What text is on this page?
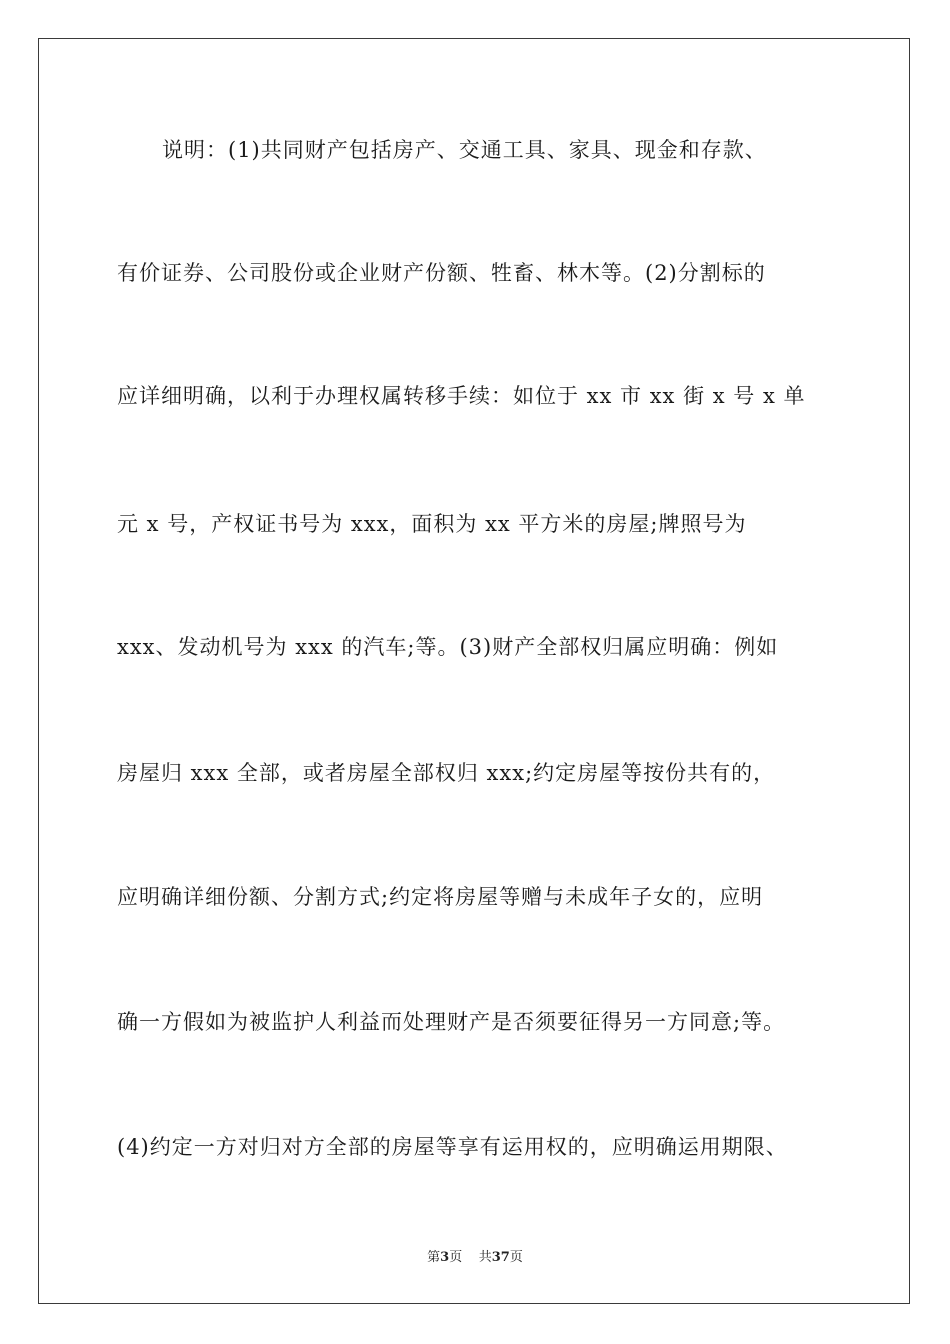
说明：(1)共同财产包括房产、交通工具、家具、现金和存款、
有价证券、公司股份或企业财产份额、牲畜、林木等。(2)分割标的
应详细明确，以利于办理权属转移手续：如位于 xx 市 xx 街 x 号 x 单
元 x 号，产权证书号为 xxx，面积为 xx 平方米的房屋;牌照号为
xxx、发动机号为 xxx 的汽车;等。(3)财产全部权归属应明确：例如
房屋归 xxx 全部，或者房屋全部权归 xxx;约定房屋等按份共有的，
应明确详细份额、分割方式;约定将房屋等赠与未成年子女的，应明
确一方假如为被监护人利益而处理财产是否须要征得另一方同意;等。
(4)约定一方对归对方全部的房屋等享有运用权的，应明确运用期限、
第3页 共37页
